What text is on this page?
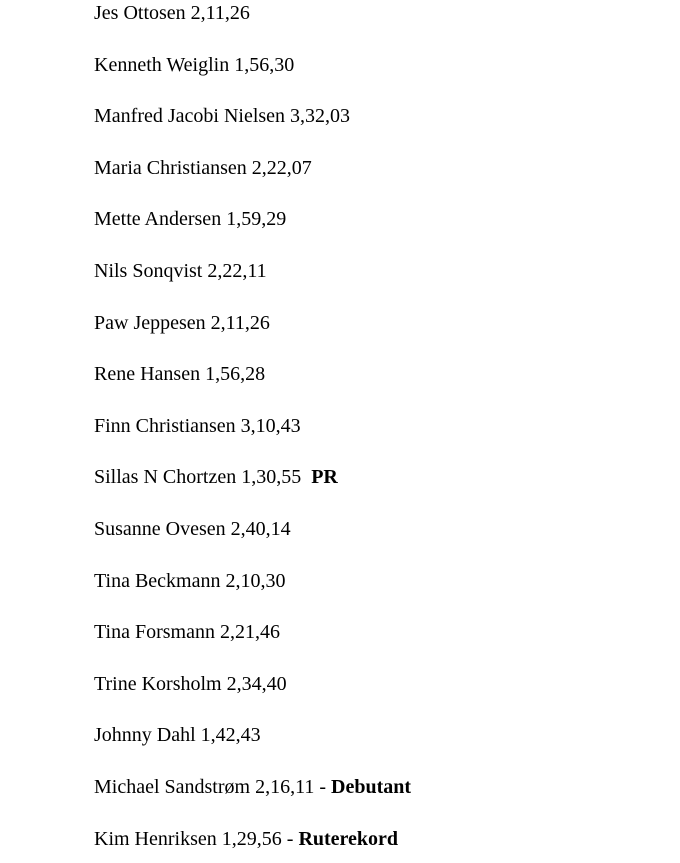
Jes Ottosen 2,11,26
Kenneth Weiglin 1,56,30
Manfred Jacobi Nielsen 3,32,03
Maria Christiansen 2,22,07
Mette Andersen 1,59,29
Nils Sonqvist 2,22,11
Paw Jeppesen 2,11,26
Rene Hansen 1,56,28
Finn Christiansen 3,10,43
Sillas N Chortzen 1,30,55 PR
Susanne Ovesen 2,40,14
Tina Beckmann 2,10,30
Tina Forsmann 2,21,46
Trine Korsholm 2,34,40
Johnny Dahl 1,42,43
Michael Sandstrøm 2,16,11 - Debutant
Kim Henriksen 1,29,56 - Ruterekord
